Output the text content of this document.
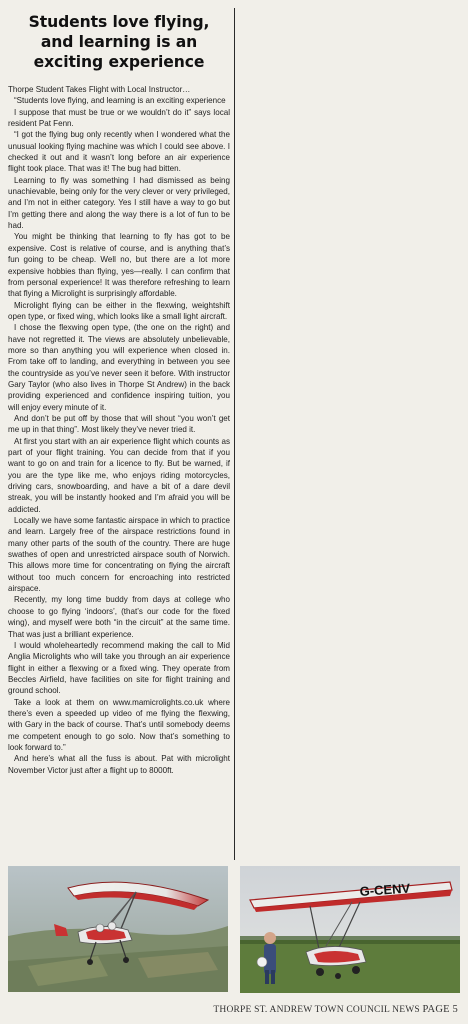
Students love flying,
and learning is an
exciting experience

Thorpe Student Takes Flight with Local Instructor…

“Students love flying, and learning is an exciting experience

I suppose that must be true or we wouldn’t do it” says local resident Pat Fenn.

“I got the flying bug only recently when I wondered what the unusual looking flying machine was which I could see above. I checked it out and it wasn’t long before an air experience flight took place. That was it! The bug had bitten.

Learning to fly was something I had dismissed as being unachievable, being only for the very clever or very privileged, and I’m not in either category. Yes I still have a way to go but I’m getting there and along the way there is a lot of fun to be had.

You might be thinking that learning to fly has got to be expensive. Cost is relative of course, and is anything that’s fun going to be cheap. Well no, but there are a lot more expensive hobbies than flying, yes—really. I can confirm that from personal experience! It was therefore refreshing to learn that flying a Microlight is surprisingly affordable.

Microlight flying can be either in the flexwing, weightshift open type, or fixed wing, which looks like a small light aircraft.

I chose the flexwing open type, (the one on the right) and have not regretted it. The views are absolutely unbelievable, more so than anything you will experience when closed in. From take off to landing, and everything in between you see the countryside as you’ve never seen it before. With instructor Gary Taylor (who also lives in Thorpe St Andrew) in the back providing experienced and confidence inspiring tuition, you will enjoy every minute of it.

And don’t be put off by those that will shout “you won’t get me up in that thing”. Most likely they’ve never tried it.

At first you start with an air experience flight which counts as part of your flight training. You can decide from that if you want to go on and train for a licence to fly. But be warned, if you are the type like me, who enjoys riding motorcycles, driving cars, snowboarding, and have a bit of a dare devil streak, you will be instantly hooked and I’m afraid you will be addicted.

Locally we have some fantastic airspace in which to practice and learn. Largely free of the airspace restrictions found in many other parts of the south of the country. There are huge swathes of open and unrestricted airspace south of Norwich. This allows more time for concentrating on flying the aircraft without too much concern for encroaching into restricted airspace.

Recently, my long time buddy from days at college who choose to go flying ‘indoors’, (that’s our code for the fixed wing), and myself were both “in the circuit” at the same time. That was just a brilliant experience.

I would wholeheartedly recommend making the call to Mid Anglia Microlights who will take you through an air experience flight in either a flexwing or a fixed wing. They operate from Beccles Airfield, have facilities on site for flight training and ground school.

Take a look at them on www.mamicrolights.co.uk where there’s even a speeded up video of me flying the flexwing, with Gary in the back of course. That’s until somebody deems me competent enough to go solo. Now that’s something to look forward to.”

And here’s what all the fuss is about. Pat with microlight November Victor just after a flight up to 8000ft.

G-CENV
THORPE ST. ANDREW TOWN COUNCIL NEWS PAGE 5
